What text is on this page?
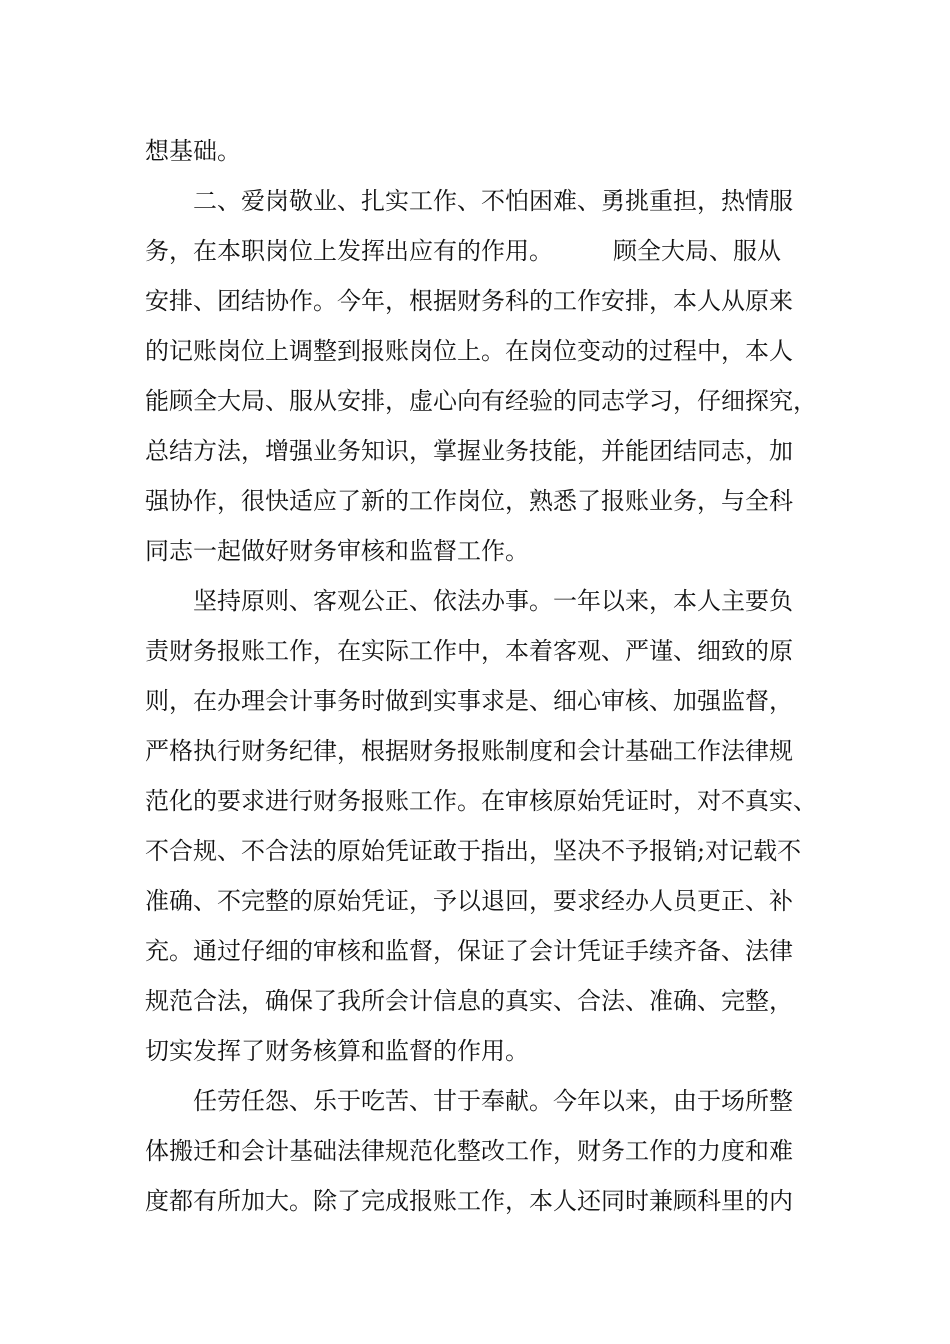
想基础。
二、爱岗敬业、扎实工作、不怕困难、勇挑重担，热情服
务，在本职岗位上发挥出应有的作用。　　　顾全大局、服从
安排、团结协作。今年，根据财务科的工作安排，本人从原来
的记账岗位上调整到报账岗位上。在岗位变动的过程中，本人
能顾全大局、服从安排，虚心向有经验的同志学习，仔细探究，
总结方法，增强业务知识，掌握业务技能，并能团结同志，加
强协作，很快适应了新的工作岗位，熟悉了报账业务，与全科
同志一起做好财务审核和监督工作。
坚持原则、客观公正、依法办事。一年以来，本人主要负
责财务报账工作，在实际工作中，本着客观、严谨、细致的原
则，在办理会计事务时做到实事求是、细心审核、加强监督，
严格执行财务纪律，根据财务报账制度和会计基础工作法律规
范化的要求进行财务报账工作。在审核原始凭证时，对不真实、
不合规、不合法的原始凭证敢于指出，坚决不予报销;对记载不
准确、不完整的原始凭证，予以退回，要求经办人员更正、补
充。通过仔细的审核和监督，保证了会计凭证手续齐备、法律
规范合法，确保了我所会计信息的真实、合法、准确、完整，
切实发挥了财务核算和监督的作用。
任劳任怨、乐于吃苦、甘于奉献。今年以来，由于场所整
体搬迁和会计基础法律规范化整改工作，财务工作的力度和难
度都有所加大。除了完成报账工作，本人还同时兼顾科里的内
